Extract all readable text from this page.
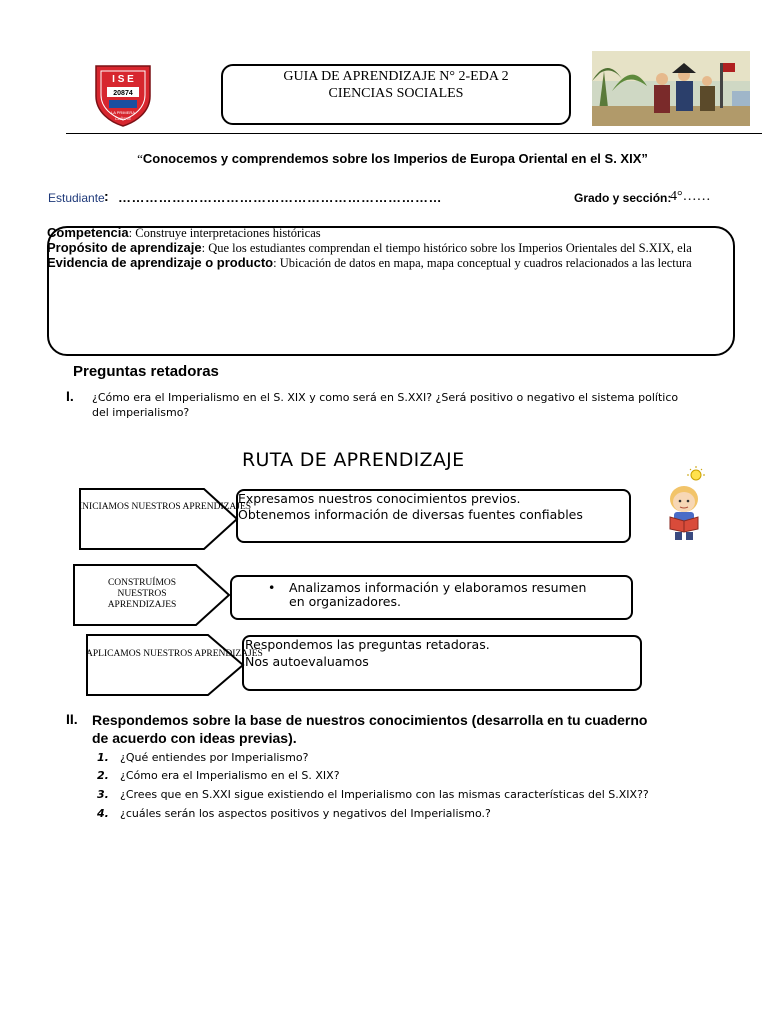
I S E
20874
LA PRIMERA
CAÑETE
GUIA DE APRENDIZAJE N° 2-EDA 2
CIENCIAS SOCIALES
“Conocemos y comprendemos sobre los Imperios de Europa Oriental en el S. XIX”
Estudiante : ………………………………………………………………	Grado y sección:
4°……
Competencia: Construye interpretaciones históricas
Propósito de aprendizaje: Que los estudiantes comprendan el tiempo histórico sobre los Imperios Orientales del S.XIX, ela
Evidencia de aprendizaje o producto: Ubicación de datos en mapa, mapa conceptual y cuadros relacionados a las lectura
Preguntas retadoras
I. ¿Cómo era el Imperialismo en el S. XIX y como será en S.XXI? ¿Será positivo o negativo el sistema político del imperialismo?
RUTA DE APRENDIZAJE
INICIAMOS NUESTROS APRENDIZAJES
Expresamos nuestros conocimientos previos.
Obtenemos información de diversas fuentes confiables
CONSTRUÍMOS NUESTROS APRENDIZAJES
• Analizamos información y elaboramos resumen
en organizadores.
APLICAMOS NUESTROS APRENDIZAJES
Respondemos las preguntas retadoras.
Nos autoevaluamos
II. Respondemos sobre la base de nuestros conocimientos (desarrolla en tu cuaderno de acuerdo con ideas previas).
1. ¿Qué entiendes por Imperialismo?
2. ¿Cómo era el Imperialismo en el S. XIX?
3. ¿Crees que en S.XXI sigue existiendo el Imperialismo con las mismas características del S.XIX??
4. ¿cuáles serán los aspectos positivos y negativos del Imperialismo.?
